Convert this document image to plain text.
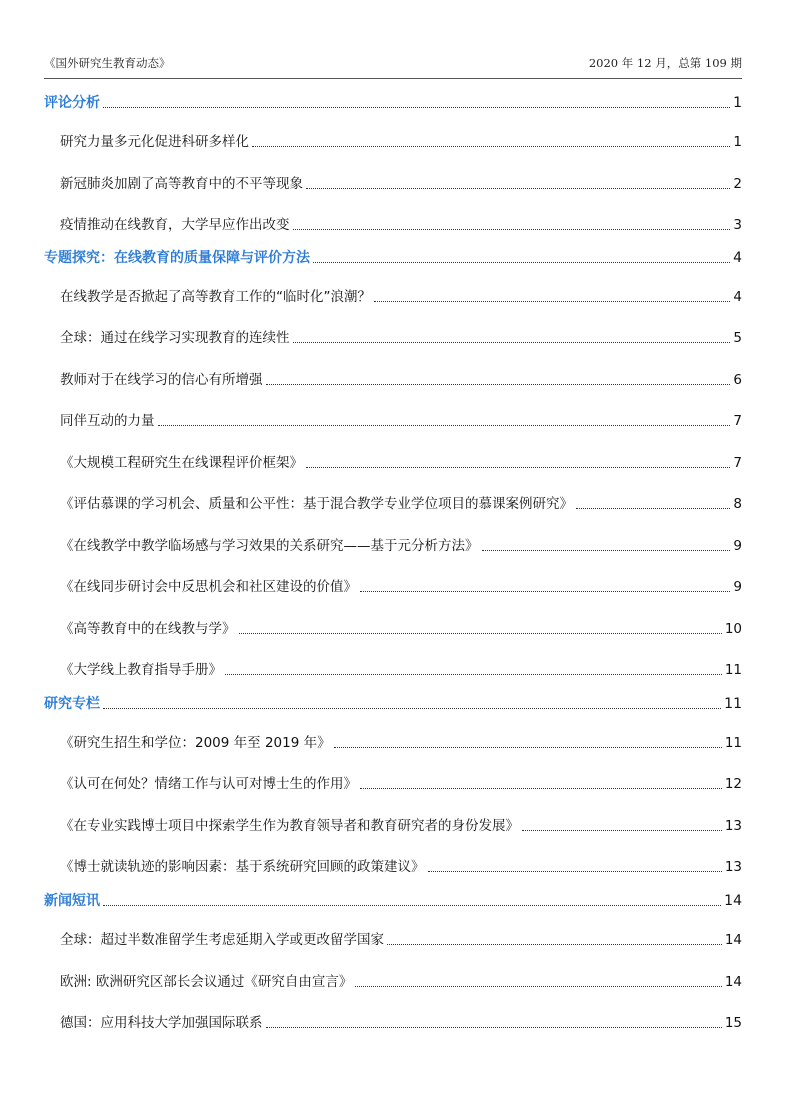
《国外研究生教育动态》	2020 年 12 月，总第 109 期
评论分析	1
研究力量多元化促进科研多样化	1
新冠肺炎加剧了高等教育中的不平等现象	2
疫情推动在线教育，大学早应作出改变	3
专题探究：在线教育的质量保障与评价方法	4
在线教学是否掀起了高等教育工作的“临时化”浪潮？	4
全球：通过在线学习实现教育的连续性	5
教师对于在线学习的信心有所增强	6
同伴互动的力量	7
《大规模工程研究生在线课程评价框架》	7
《评估慕课的学习机会、质量和公平性：基于混合教学专业学位项目的慕课案例研究》	8
《在线教学中教学临场感与学习效果的关系研究——基于元分析方法》	9
《在线同步研讨会中反思机会和社区建设的价值》	9
《高等教育中的在线教与学》	10
《大学线上教育指导手册》	11
研究专栏	11
《研究生招生和学位：2009 年至 2019 年》	11
《认可在何处？情绪工作与认可对博士生的作用》	12
《在专业实践博士项目中探索学生作为教育领导者和教育研究者的身份发展》	13
《博士就读轨迹的影响因素：基于系统研究回顾的政策建议》	13
新闻短讯	14
全球：超过半数准留学生考虑延期入学或更改留学国家	14
欧洲: 欧洲研究区部长会议通过《研究自由宣言》	14
德国：应用科技大学加强国际联系	15
